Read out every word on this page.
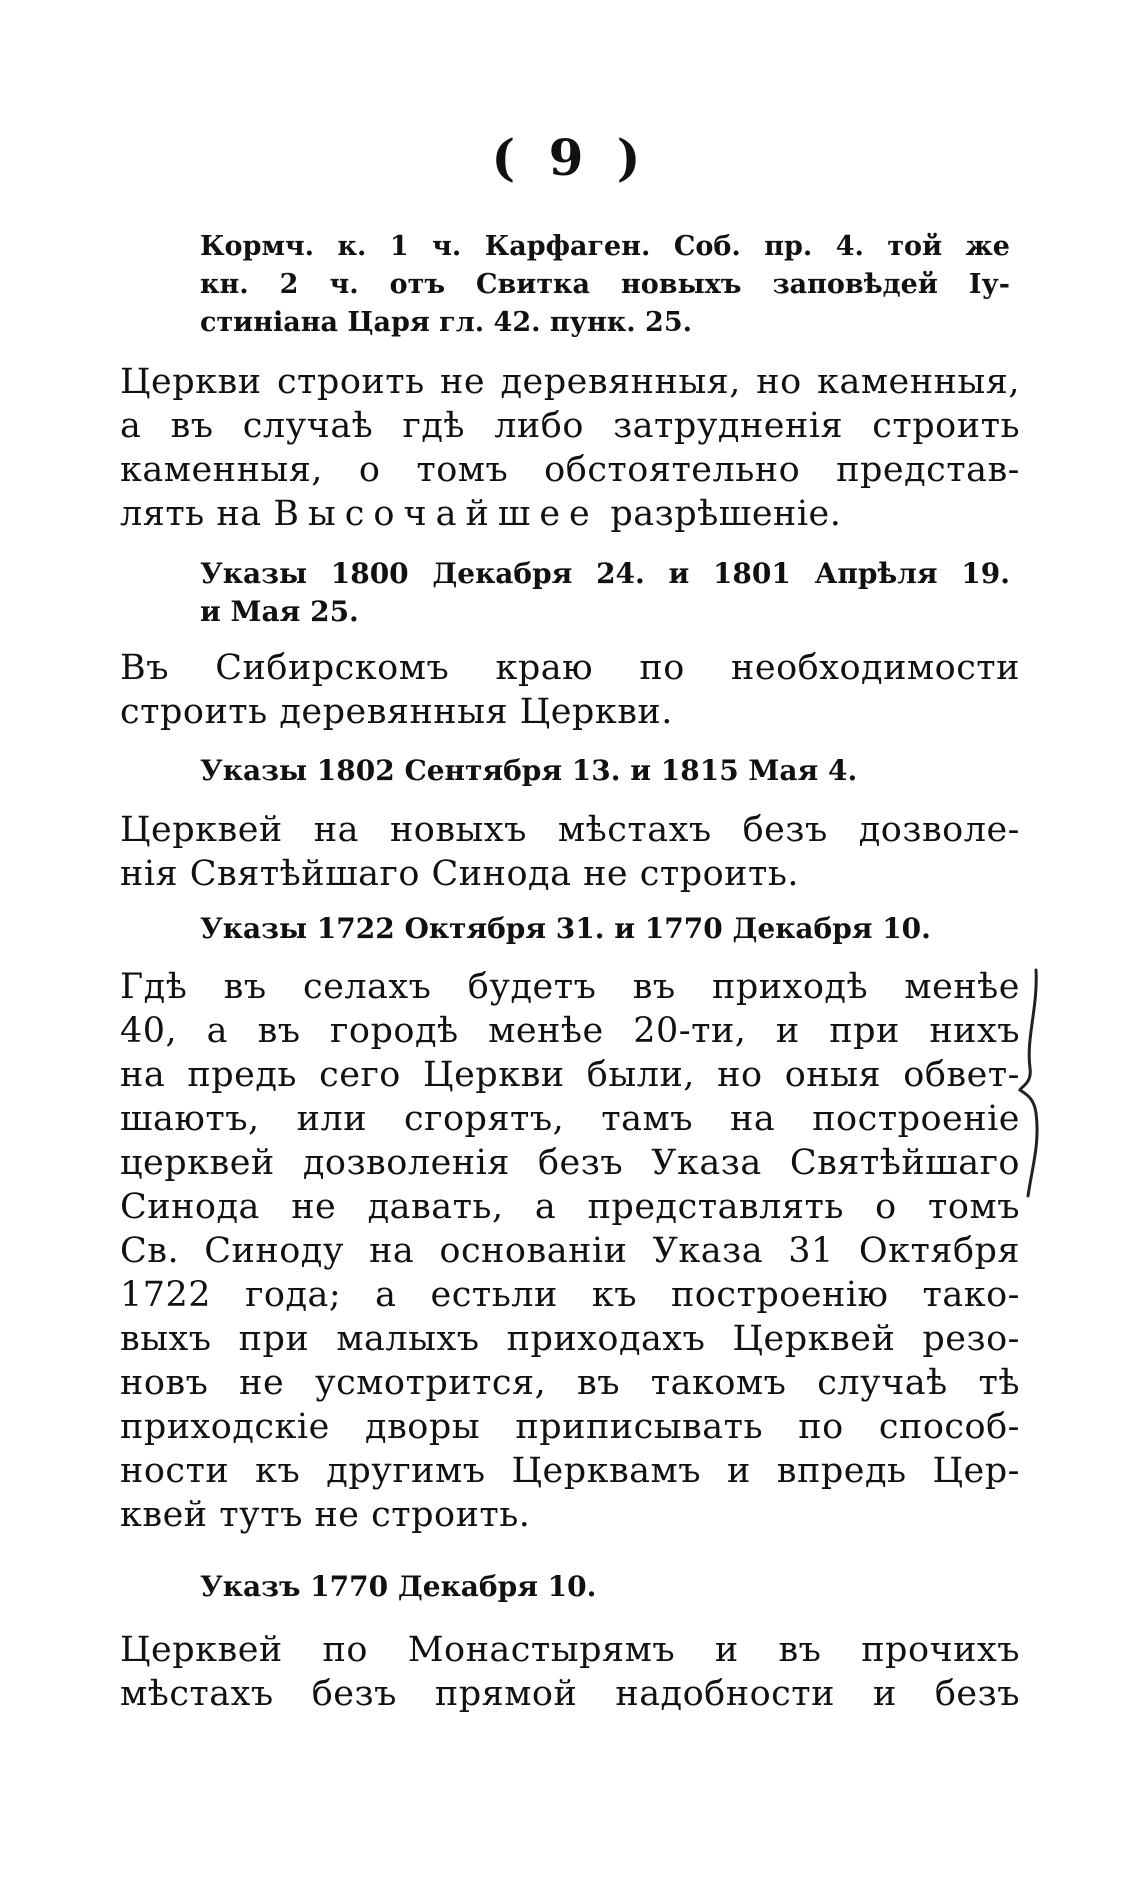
( 9 )
Кормч. к. 1 ч. Карфаген. Соб. пр. 4. той же
кн. 2 ч. отъ Свитка новыхъ заповѣдей Iу-
стиніана Царя гл. 42. пунк. 25.
Церкви строить не деревянныя, но каменныя,
а въ случаѣ гдѣ либо затрудненія строить
каменныя, о томъ обстоятельно представ-
лять на Высочайшее разрѣшеніе.
Указы 1800 Декабря 24. и 1801 Апрѣля 19.
и Мая 25.
Въ Сибирскомъ краю по необходимости
строить деревянныя Церкви.
Указы 1802 Сентября 13. и 1815 Мая 4.
Церквей на новыхъ мѣстахъ безъ дозволе-
нія Святѣйшаго Синода не строить.
Указы 1722 Октября 31. и 1770 Декабря 10.
Гдѣ въ селахъ будетъ въ приходѣ менѣе
40, а въ городѣ менѣе 20-ти, и при нихъ
на предь сего Церкви были, но оныя обвет-
шаютъ, или сгорятъ, тамъ на построеніе
церквей дозволенія безъ Указа Святѣйшаго
Синода не давать, а представлять о томъ
Св. Синоду на основаніи Указа 31 Октября
1722 года; а естьли къ построенію тако-
выхъ при малыхъ приходахъ Церквей резо-
новъ не усмотрится, въ такомъ случаѣ тѣ
приходскіе дворы приписывать по способ-
ности къ другимъ Церквамъ и впредь Цер-
квей тутъ не строить.
Указъ 1770 Декабря 10.
Церквей по Монастырямъ и въ прочихъ
мѣстахъ безъ прямой надобности и безъ
